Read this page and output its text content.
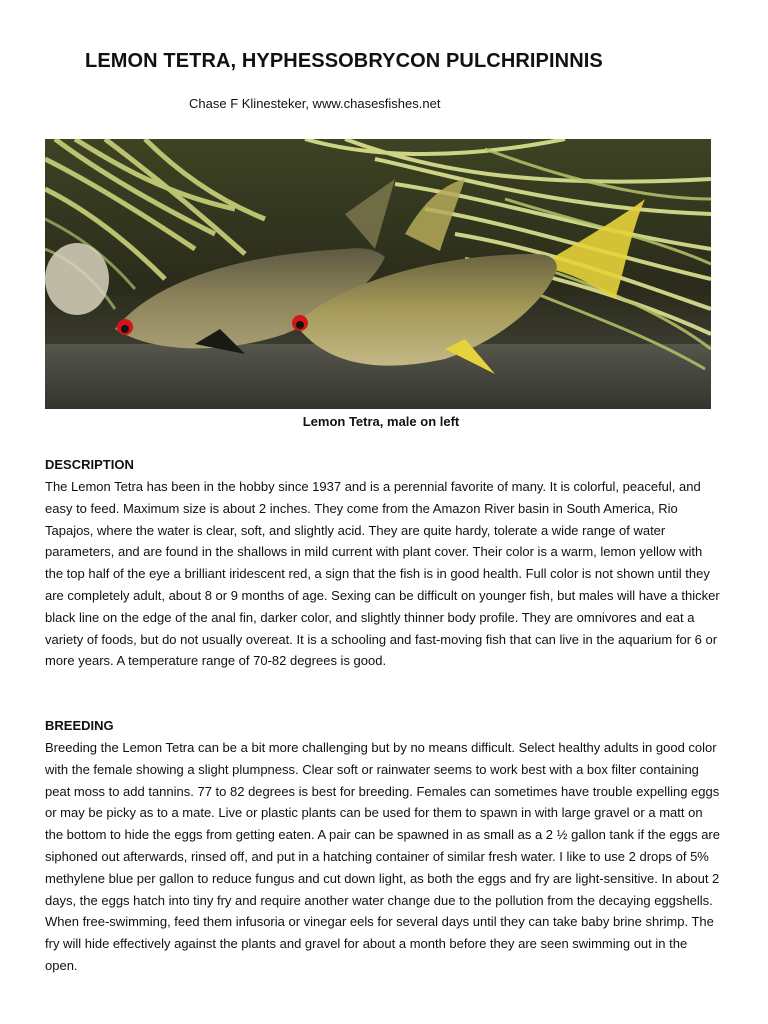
LEMON TETRA, HYPHESSOBRYCON PULCHRIPINNIS
Chase F Klinesteker, www.chasesfishes.net
Lemon Tetra, male on left
DESCRIPTION

The Lemon Tetra has been in the hobby since 1937 and is a perennial favorite of many. It is colorful, peaceful, and easy to feed. Maximum size is about 2 inches. They come from the Amazon River basin in South America, Rio Tapajos, where the water is clear, soft, and slightly acid. They are quite hardy, tolerate a wide range of water parameters, and are found in the shallows in mild current with plant cover. Their color is a warm, lemon yellow with the top half of the eye a brilliant iridescent red, a sign that the fish is in good health. Full color is not shown until they are completely adult, about 8 or 9 months of age. Sexing can be difficult on younger fish, but males will have a thicker black line on the edge of the anal fin, darker color, and slightly thinner body profile. They are omnivores and eat a variety of foods, but do not usually overeat. It is a schooling and fast-moving fish that can live in the aquarium for 6 or more years. A temperature range of 70-82 degrees is good.

BREEDING

Breeding the Lemon Tetra can be a bit more challenging but by no means difficult. Select healthy adults in good color with the female showing a slight plumpness. Clear soft or rainwater seems to work best with a box filter containing peat moss to add tannins. 77 to 82 degrees is best for breeding. Females can sometimes have trouble expelling eggs or may be picky as to a mate. Live or plastic plants can be used for them to spawn in with large gravel or a matt on the bottom to hide the eggs from getting eaten. A pair can be spawned in as small as a 2 ½ gallon tank if the eggs are siphoned out afterwards, rinsed off, and put in a hatching container of similar fresh water. I like to use 2 drops of 5% methylene blue per gallon to reduce fungus and cut down light, as both the eggs and fry are light-sensitive. In about 2 days, the eggs hatch into tiny fry and require another water change due to the pollution from the decaying eggshells. When free-swimming, feed them infusoria or vinegar eels for several days until they can take baby brine shrimp. The fry will hide effectively against the plants and gravel for about a month before they are seen swimming out in the open.
